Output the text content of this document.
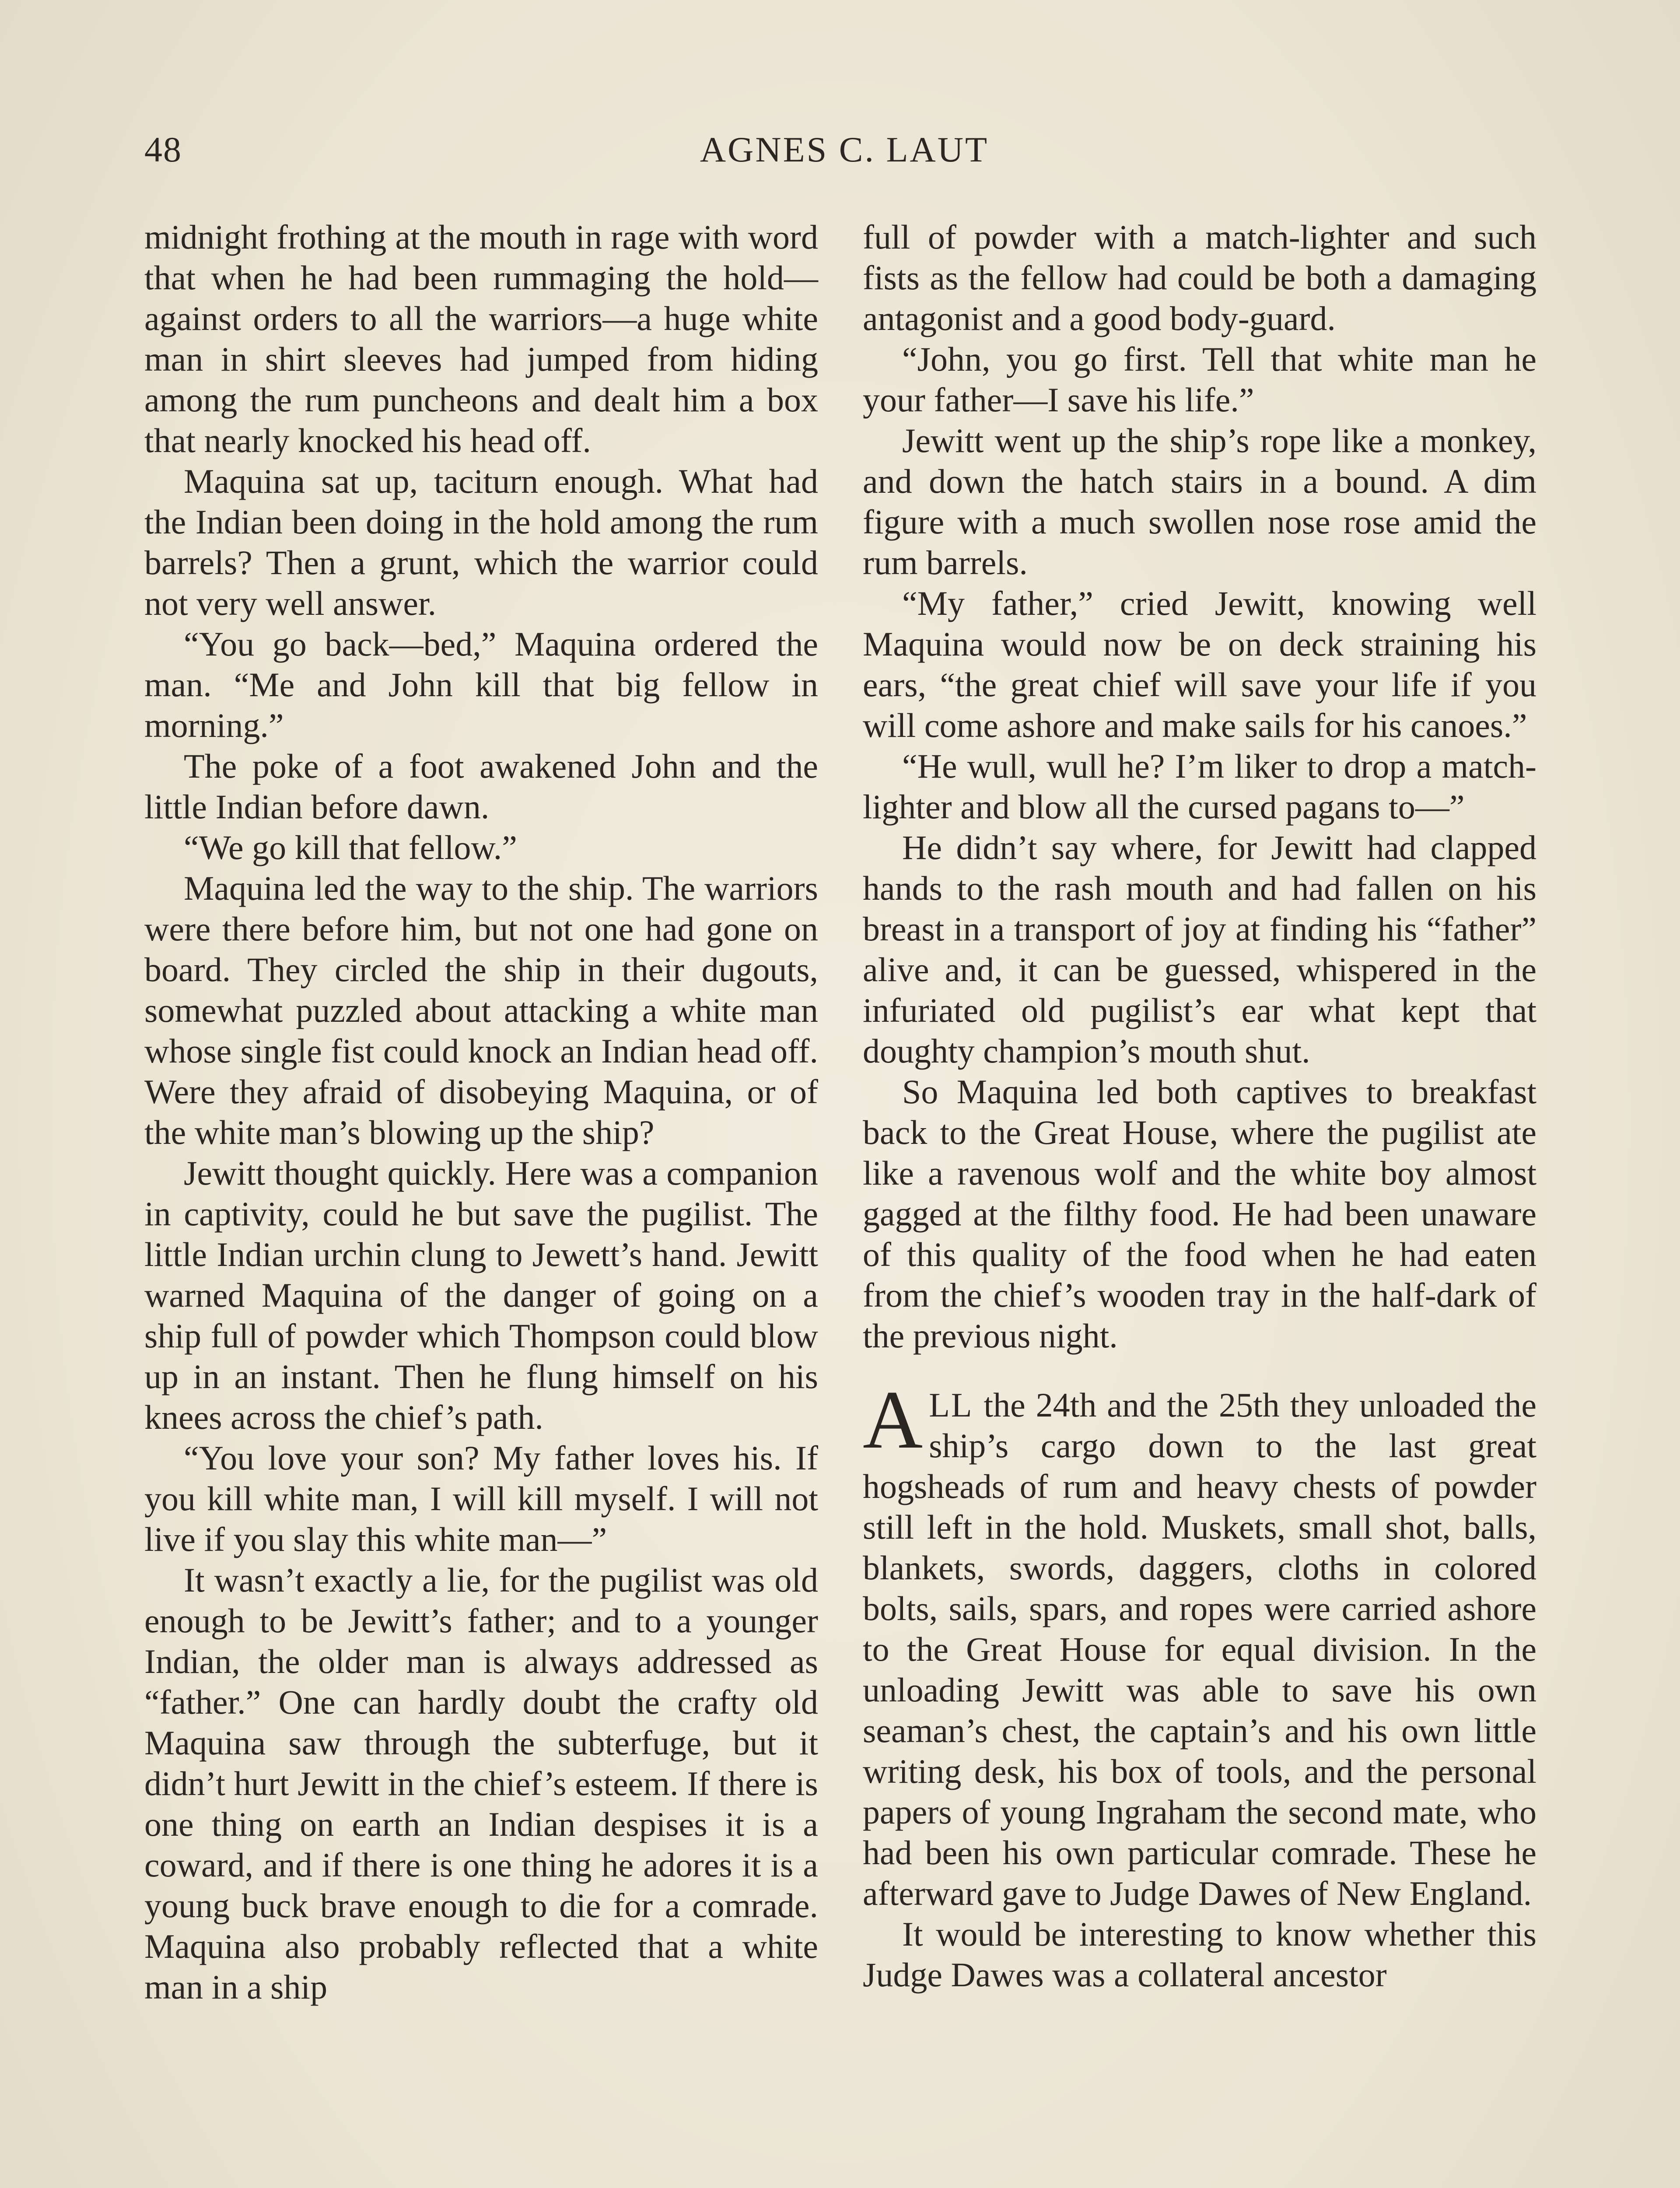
48	AGNES C. LAUT

midnight frothing at the mouth in rage with word that when he had been rummaging the hold—against orders to all the warriors—a huge white man in shirt sleeves had jumped from hiding among the rum puncheons and dealt him a box that nearly knocked his head off.

Maquina sat up, taciturn enough. What had the Indian been doing in the hold among the rum barrels? Then a grunt, which the warrior could not very well answer.

“You go back—bed,” Maquina ordered the man. “Me and John kill that big fellow in morning.”

The poke of a foot awakened John and the little Indian before dawn.

“We go kill that fellow.”

Maquina led the way to the ship. The warriors were there before him, but not one had gone on board. They circled the ship in their dugouts, somewhat puzzled about attacking a white man whose single fist could knock an Indian head off. Were they afraid of disobeying Maquina, or of the white man’s blowing up the ship?

Jewitt thought quickly. Here was a companion in captivity, could he but save the pugilist. The little Indian urchin clung to Jewett’s hand. Jewitt warned Maquina of the danger of going on a ship full of powder which Thompson could blow up in an instant. Then he flung himself on his knees across the chief’s path.

“You love your son? My father loves his. If you kill white man, I will kill myself. I will not live if you slay this white man—”

It wasn’t exactly a lie, for the pugilist was old enough to be Jewitt’s father; and to a younger Indian, the older man is always addressed as “father.” One can hardly doubt the crafty old Maquina saw through the subterfuge, but it didn’t hurt Jewitt in the chief’s esteem. If there is one thing on earth an Indian despises it is a coward, and if there is one thing he adores it is a young buck brave enough to die for a comrade. Maquina also probably reflected that a white man in a ship

full of powder with a match-lighter and such fists as the fellow had could be both a damaging antagonist and a good body-guard.

“John, you go first. Tell that white man he your father—I save his life.”

Jewitt went up the ship’s rope like a monkey, and down the hatch stairs in a bound. A dim figure with a much swollen nose rose amid the rum barrels.

“My father,” cried Jewitt, knowing well Maquina would now be on deck straining his ears, “the great chief will save your life if you will come ashore and make sails for his canoes.”

“He wull, wull he? I’m liker to drop a match-lighter and blow all the cursed pagans to—”

He didn’t say where, for Jewitt had clapped hands to the rash mouth and had fallen on his breast in a transport of joy at finding his “father” alive and, it can be guessed, whispered in the infuriated old pugilist’s ear what kept that doughty champion’s mouth shut.

So Maquina led both captives to breakfast back to the Great House, where the pugilist ate like a ravenous wolf and the white boy almost gagged at the filthy food. He had been unaware of this quality of the food when he had eaten from the chief’s wooden tray in the half-dark of the previous night.

ALL the 24th and the 25th they unloaded the ship’s cargo down to the last great hogsheads of rum and heavy chests of powder still left in the hold. Muskets, small shot, balls, blankets, swords, daggers, cloths in colored bolts, sails, spars, and ropes were carried ashore to the Great House for equal division. In the unloading Jewitt was able to save his own seaman’s chest, the captain’s and his own little writing desk, his box of tools, and the personal papers of young Ingraham the second mate, who had been his own particular comrade. These he afterward gave to Judge Dawes of New England.

It would be interesting to know whether this Judge Dawes was a collateral ancestor
